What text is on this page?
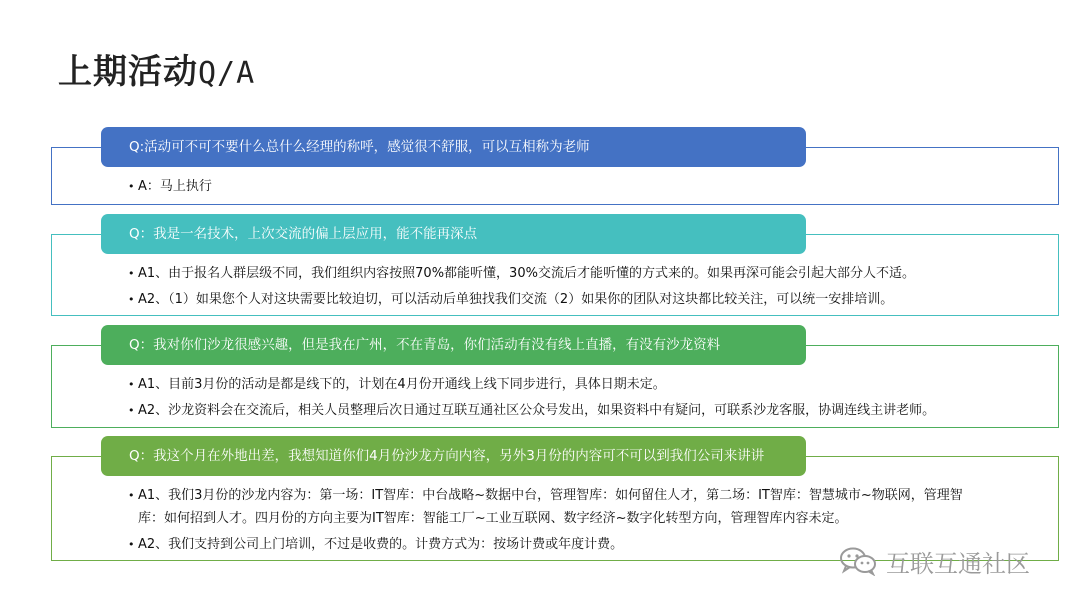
上期活动Q/A
Q:活动可不可不要什么总什么经理的称呼，感觉很不舒服，可以互相称为老师
• A：马上执行
Q：我是一名技术，上次交流的偏上层应用，能不能再深点
• A1、由于报名人群层级不同，我们组织内容按照70%都能听懂，30%交流后才能听懂的方式来的。如果再深可能会引起大部分人不适。
• A2、（1）如果您个人对这块需要比较迫切，可以活动后单独找我们交流（2）如果你的团队对这块都比较关注，可以统一安排培训。
Q：我对你们沙龙很感兴趣，但是我在广州，不在青岛，你们活动有没有线上直播，有没有沙龙资料
• A1、目前3月份的活动是都是线下的，计划在4月份开通线上线下同步进行，具体日期未定。
• A2、沙龙资料会在交流后，相关人员整理后次日通过互联互通社区公众号发出，如果资料中有疑问，可联系沙龙客服，协调连线主讲老师。
Q：我这个月在外地出差，我想知道你们4月份沙龙方向内容，另外3月份的内容可不可以到我们公司来讲讲
• A1、我们3月份的沙龙内容为：第一场：IT智库：中台战略~数据中台，管理智库：如何留住人才，第二场：IT智库：智慧城市~物联网，管理智库：如何招到人才。四月份的方向主要为IT智库：智能工厂~工业互联网、数字经济~数字化转型方向，管理智库内容未定。
• A2、我们支持到公司上门培训，不过是收费的。计费方式为：按场计费或年度计费。
互联互通社区
